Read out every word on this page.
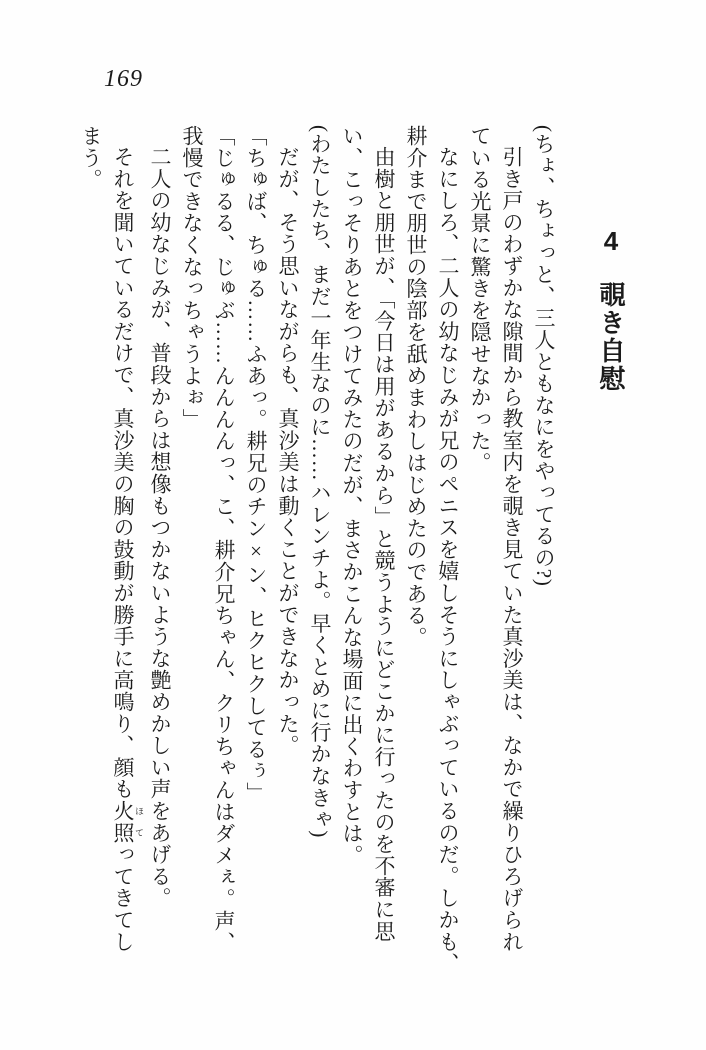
169
4 覗き自慰

(ちょ、ちょっと、三人ともなにをやってるの?)

引き戸のわずかな隙間から教室内を覗き見ていた真沙美は、なかで繰りひろげられ

ている光景に驚きを隠せなかった。

なにしろ、二人の幼なじみが兄のペニスを嬉しそうにしゃぶっているのだ。しかも、

耕介まで朋世の陰部を舐めまわしはじめたのである。

由樹と朋世が、「今日は用があるから」と競うようにどこかに行ったのを不審に思

い、こっそりあとをつけてみたのだが、まさかこんな場面に出くわすとは。

(わたしたち、まだ一年生なのに……ハレンチよ。早くとめに行かなきゃ)

だが、そう思いながらも、真沙美は動くことができなかった。

「ちゅば、ちゅる……ふあっ。耕兄のチン×ン、ヒクヒクしてるぅ」

「じゅるる、じゅぶ……んんんんっ、こ、耕介兄ちゃん、クリちゃんはダメぇ。声、

我慢できなくなっちゃうよぉ」

二人の幼なじみが、普段からは想像もつかないような艶めかしい声をあげる。

それを聞いているだけで、真沙美の胸の鼓動が勝手に高鳴り、顔も火照 ほてってきてし

まう。
